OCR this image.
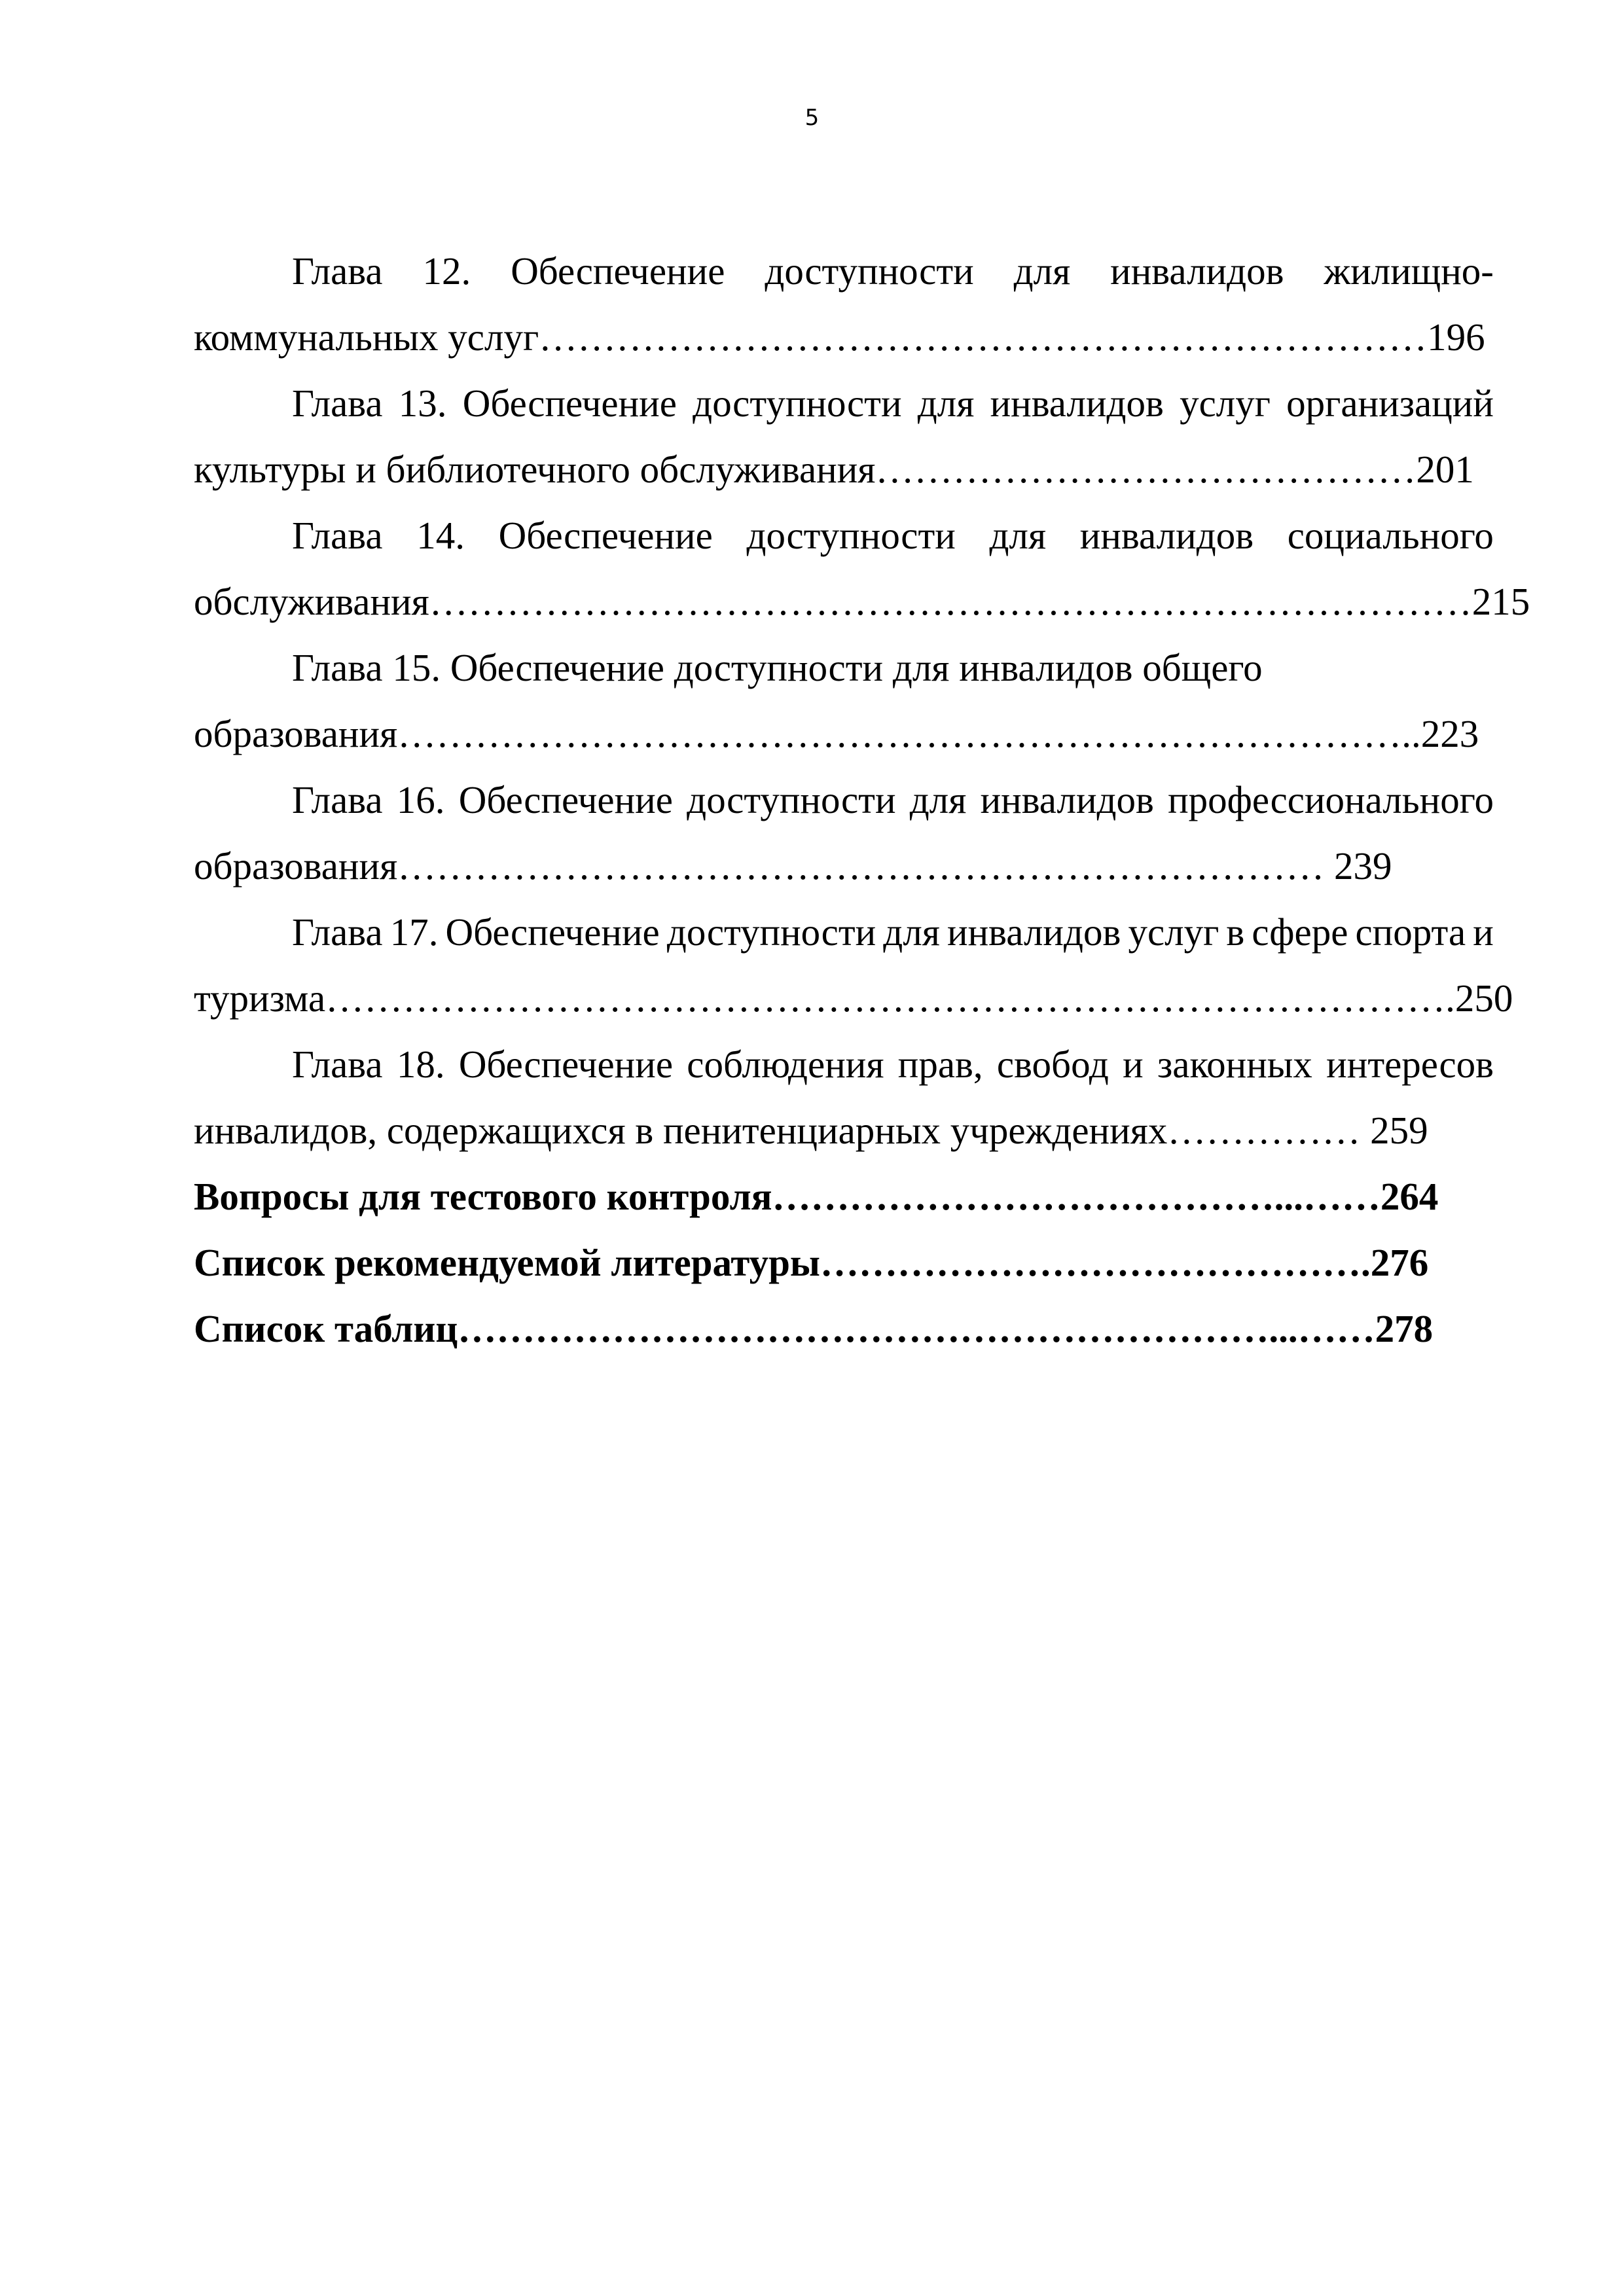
5
Глава 12. Обеспечение доступности для инвалидов жилищно-
коммунальных услуг……………………………………………………………196
Глава 13. Обеспечение доступности для инвалидов услуг организаций
культуры и библиотечного обслуживания……………………………………201
Глава 14. Обеспечение доступности для инвалидов социального
обслуживания………………………………………………………………………215
Глава 15. Обеспечение доступности для инвалидов общего
образования……………………………………………………………………..223
Глава 16. Обеспечение доступности для инвалидов профессионального
образования……………………………………………………………… 239
Глава 17. Обеспечение доступности для инвалидов услуг в сфере спорта и
туризма…………………………………………………………………………….250
Глава 18. Обеспечение соблюдения прав, свобод и законных интересов
инвалидов, содержащихся в пенитенциарных учреждениях…………… 259
Вопросы для тестового контроля…………………………………...……264
Список рекомендуемой литературы…………………………………….276
Список таблиц………………………………………………………...……278
